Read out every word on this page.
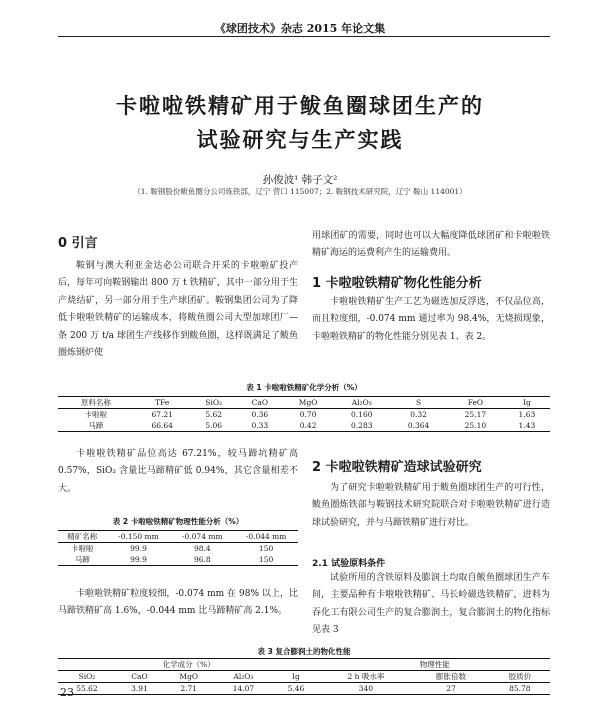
《球团技术》杂志 2015 年论文集
卡啦啦铁精矿用于鲅鱼圈球团生产的
试验研究与生产实践
孙俊波¹ 韩子文²
（1. 鞍钢股份鲅鱼圈分公司炼铁部，辽宁 营口 115007；2. 鞍钢技术研究院，辽宁 鞍山 114001）
0 引言

鞍钢与澳大利亚金达必公司联合开采的卡啦啦矿投产后，每年可向鞍钢输出 800 万 t 铁精矿，其中一部分用于生产烧结矿，另一部分用于生产球团矿。鞍钢集团公司为了降低卡啦啦铁精矿的运输成本，将鲅鱼圈公司大型加球团厂—条 200 万 t/a 球团生产线移作到鲅鱼圈，这样既满足了鲅鱼圈炼钢炉使

用球团矿的需要，同时也可以大幅度降低球团矿和卡啦啦铁精矿海运的运费利产生的运输费用。

1 卡啦啦铁精矿物化性能分析

卡啦啦铁精矿生产工艺为磁选加反浮选，不仅品位高，而且粒度细，-0.074 mm 通过率为 98.4%，无烧损现象，卡啦啦铁精矿的物化性能分别见表 1、表 2。

表 1 卡啦啦铁精矿化学分析（%）
原料名称	TFe	SiO₂	CaO	MgO	Al₂O₃	S	FeO	Ig
卡啦啦	67.21	5.62	0.36	0.70	0.160	0.32	25.17	1.63
马蹄	66.64	5.06	0.33	0.42	0.283	0.364	25.10	1.43

卡啦啦铁精矿品位高达 67.21%，较马蹄坑精矿高 0.57%，SiO₂ 含量比马蹄精矿低 0.94%，其它含量相差不大。

表 2 卡啦啦铁精矿物理性能分析（%）
精矿名称	-0.150 mm	-0.074 mm	-0.044 mm
卡啦啦	99.9	98.4	150
马蹄	99.9	96.8	150

卡啦啦铁精矿粒度较细，-0.074 mm 在 98% 以上，比马蹄铁精矿高 1.6%，-0.044 mm 比马蹄精矿高 2.1%。

2 卡啦啦铁精矿造球试验研究

为了研究卡啦啦铁精矿用于鲅鱼圈球团生产的可行性，鲅鱼圈炼铁部与鞍钢技术研究院联合对卡啦啦铁精矿进行造球试验研究，并与马蹄铁精矿进行对比。

2.1 试验原料条件

试验所用的含铁原料及膨润土均取自鲅鱼圈球团生产车间，主要品种有卡啦啦铁精矿、马长岭磁选铁精矿，进料为吞化工有限公司生产的复合膨润土，复合膨润土的物化指标见表 3

表 3 复合膨润土的物化性能
化学成分（%）					物理性能		
SiO₂	CaO	MgO	Al₂O₃	Ig	2 h 吸水率	膨胀倍数	胶质价
55.62	3.91	2.71	14.07	5.46	340	27	85.78
23
